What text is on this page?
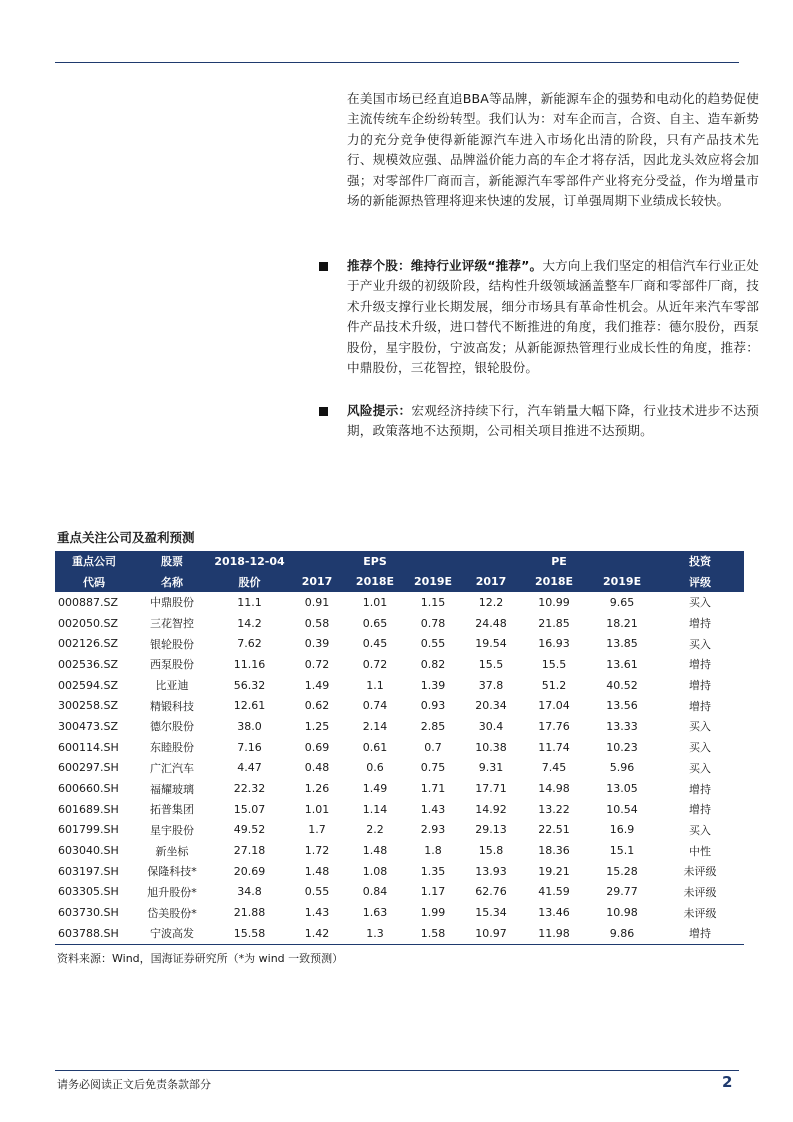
在美国市场已经直追BBA等品牌，新能源车企的强势和电动化的趋势促使主流传统车企纷纷转型。我们认为：对车企而言，合资、自主、造车新势力的充分竞争使得新能源汽车进入市场化出清的阶段，只有产品技术先行、规模效应强、品牌溢价能力高的车企才将存活，因此龙头效应将会加强；对零部件厂商而言，新能源汽车零部件产业将充分受益，作为增量市场的新能源热管理将迎来快速的发展，订单强周期下业绩成长较快。

推荐个股：维持行业评级“推荐”。大方向上我们坚定的相信汽车行业正处于产业升级的初级阶段，结构性升级领域涵盖整车厂商和零部件厂商，技术升级支撑行业长期发展，细分市场具有革命性机会。从近年来汽车零部件产品技术升级，进口替代不断推进的角度，我们推荐：德尔股份，西泵股份，星宇股份，宁波高发；从新能源热管理行业成长性的角度，推荐：中鼎股份，三花智控，银轮股份。

风险提示：宏观经济持续下行，汽车销量大幅下降，行业技术进步不达预期，政策落地不达预期，公司相关项目推进不达预期。

重点关注公司及盈利预测
重点公司	股票	2018-12-04	EPS			PE			投资
代码	名称	股价	2017	2018E	2019E	2017	2018E	2019E	评级
000887.SZ	中鼎股份	11.1	0.91	1.01	1.15	12.2	10.99	9.65	买入
002050.SZ	三花智控	14.2	0.58	0.65	0.78	24.48	21.85	18.21	增持
002126.SZ	银轮股份	7.62	0.39	0.45	0.55	19.54	16.93	13.85	买入
002536.SZ	西泵股份	11.16	0.72	0.72	0.82	15.5	15.5	13.61	增持
002594.SZ	比亚迪	56.32	1.49	1.1	1.39	37.8	51.2	40.52	增持
300258.SZ	精锻科技	12.61	0.62	0.74	0.93	20.34	17.04	13.56	增持
300473.SZ	德尔股份	38.0	1.25	2.14	2.85	30.4	17.76	13.33	买入
600114.SH	东睦股份	7.16	0.69	0.61	0.7	10.38	11.74	10.23	买入
600297.SH	广汇汽车	4.47	0.48	0.6	0.75	9.31	7.45	5.96	买入
600660.SH	福耀玻璃	22.32	1.26	1.49	1.71	17.71	14.98	13.05	增持
601689.SH	拓普集团	15.07	1.01	1.14	1.43	14.92	13.22	10.54	增持
601799.SH	星宇股份	49.52	1.7	2.2	2.93	29.13	22.51	16.9	买入
603040.SH	新坐标	27.18	1.72	1.48	1.8	15.8	18.36	15.1	中性
603197.SH	保隆科技*	20.69	1.48	1.08	1.35	13.93	19.21	15.28	未评级
603305.SH	旭升股份*	34.8	0.55	0.84	1.17	62.76	41.59	29.77	未评级
603730.SH	岱美股份*	21.88	1.43	1.63	1.99	15.34	13.46	10.98	未评级
603788.SH	宁波高发	15.58	1.42	1.3	1.58	10.97	11.98	9.86	增持
资料来源：Wind，国海证券研究所（*为 wind 一致预测）
请务必阅读正文后免责条款部分	2
